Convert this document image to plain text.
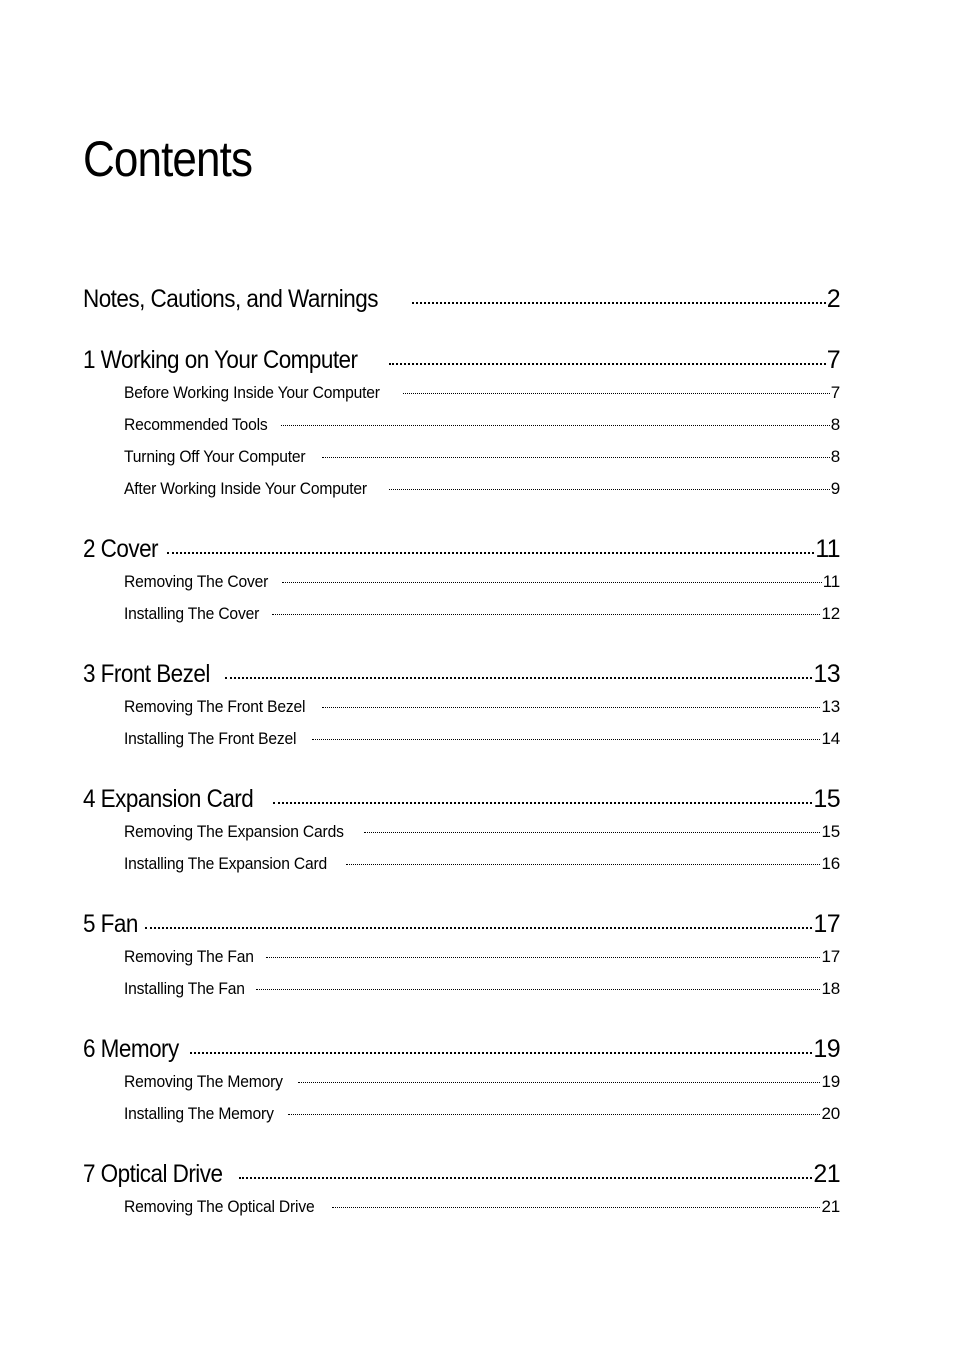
Contents
Notes, Cautions, and Warnings	2
1 Working on Your Computer	7
Before Working Inside Your Computer	7
Recommended Tools	8
Turning Off Your Computer	8
After Working Inside Your Computer	9
2 Cover	11
Removing The Cover	11
Installing The Cover	12
3 Front Bezel	13
Removing The Front Bezel	13
Installing The Front Bezel	14
4 Expansion Card	15
Removing The Expansion Cards	15
Installing The Expansion Card	16
5 Fan	17
Removing The Fan	17
Installing The Fan	18
6 Memory	19
Removing The Memory	19
Installing The Memory	20
7 Optical Drive	21
Removing The Optical Drive	21
